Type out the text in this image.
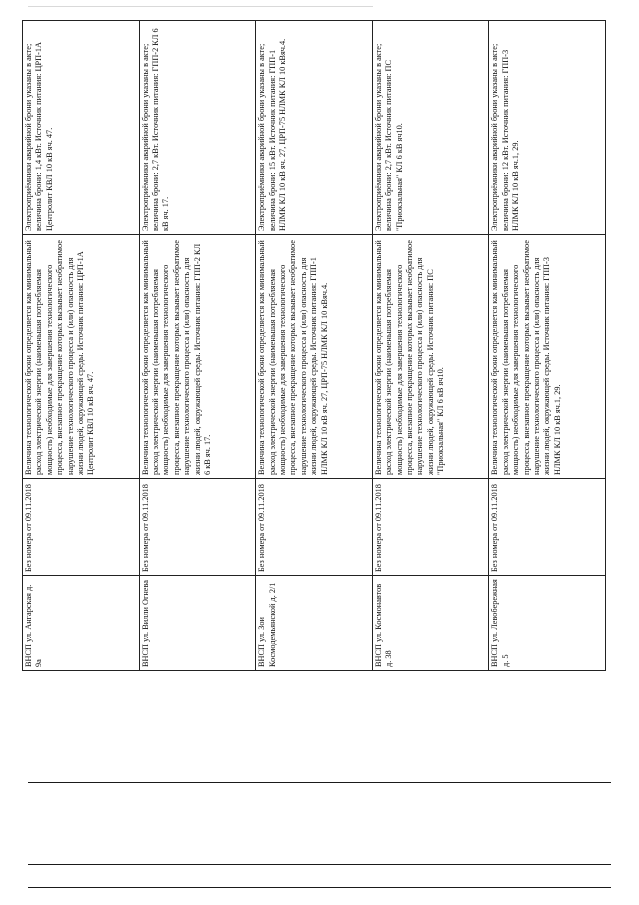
ВНСП ул. Ангарская д. 9а	Без номера от 09.11.2018	Величина технологической брони определяется как минимальный расход электрической энергии (наименьшая потребляемая мощность) необходимые для завершения технологического процесса, внезапное прекращение которых вызывает необратимое нарушение технологического процесса и (или) опасность для жизни людей, окружающей среды. Источник питания: ЦРП-1А Центролит КВЛ 10 кВ яч. 47.	Электроприёмники аварийной брони указаны в акте; величина брони: 1,4 кВт. Источник питания: ЦРП-1А Центролит КВЛ 10 кВ яч. 47.
ВНСП ул. Вилли Огнева	Без номера от 09.11.2018	Величина технологической брони определяется как минимальный расход электрической энергии (наименьшая потребляемая мощность) необходимые для завершения технологического процесса, внезапное прекращение которых вызывает необратимое нарушение технологического процесса и (или) опасность для жизни людей, окружающей среды. Источник питания: ГПП-2 КЛ 6 кВ яч. 17.	Электроприёмники аварийной брони указаны в акте; величина брони: 2,7 кВт. Источник питания: ГПП-2 КЛ 6 кВ яч. 17.
ВНСП ул. Зои Космодемьянской д. 2/1	Без номера от 09.11.2018	Величина технологической брони определяется как минимальный расход электрической энергии (наименьшая потребляемая мощность) необходимые для завершения технологического процесса, внезапное прекращение которых вызывает необратимое нарушение технологического процесса и (или) опасность для жизни людей, окружающей среды. Источник питания: ГПП-1 НЛМК КЛ 10 кВ яч. 27, ЦРП-75 НЛМК КЛ 10 кВяч.4.	Электроприёмники аварийной брони указаны в акте; величина брони: 15 кВт. Источник питания: ГПП-1 НЛМК КЛ 10 кВ яч. 27, ЦРП-75 НЛМК КЛ 10 кВяч.4.
ВНСП ул. Космонавтов д. 38	Без номера от 09.11.2018	Величина технологической брони определяется как минимальный расход электрической энергии (наименьшая потребляемая мощность) необходимые для завершения технологического процесса, внезапное прекращение которых вызывает необратимое нарушение технологического процесса и (или) опасность для жизни людей, окружающей среды. Источник питания: ПС "Приокзальная" КЛ 6 кВ яч10.	Электроприёмники аварийной брони указаны в акте; величина брони: 2,7 кВт. Источник питания: ПС "Приокзальная" КЛ 6 кВ яч10.
ВНСП ул. Левобережная д. 5	Без номера от 09.11.2018	Величина технологической брони определяется как минимальный расход электрической энергии (наименьшая потребляемая мощность) необходимые для завершения технологического процесса, внезапное прекращение которых вызывает необратимое нарушение технологического процесса и (или) опасность для жизни людей, окружающей среды. Источник питания: ГПП-3 НЛМК КЛ 10 кВ яч.1, 29.	Электроприёмники аварийной брони указаны в акте; величина брони: 12 кВт. Источник питания: ГПП-3 НЛМК КЛ 10 кВ яч.1, 29.
